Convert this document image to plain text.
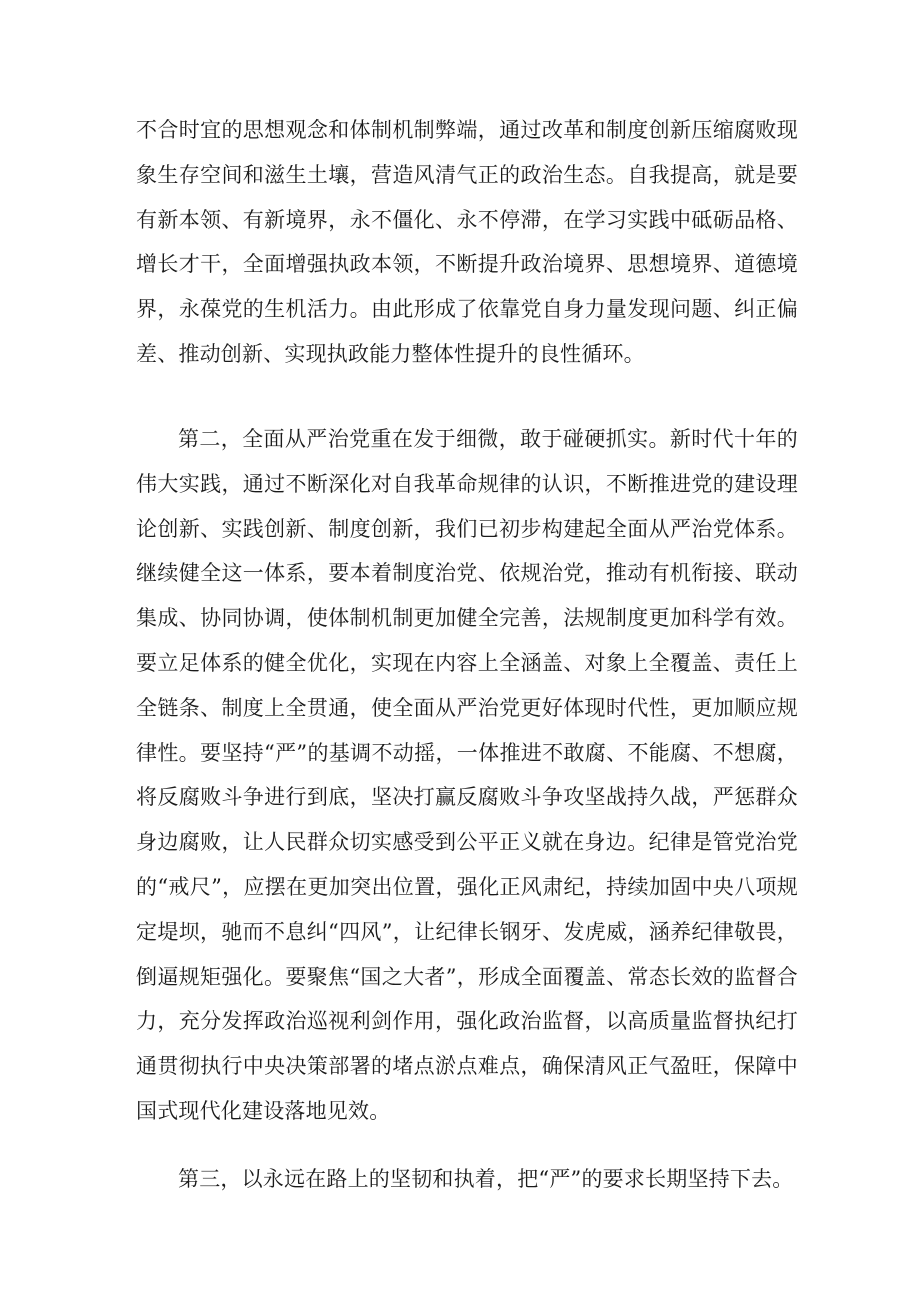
不合时宜的思想观念和体制机制弊端，通过改革和制度创新压缩腐败现象生存空间和滋生土壤，营造风清气正的政治生态。自我提高，就是要有新本领、有新境界，永不僵化、永不停滞，在学习实践中砥砺品格、增长才干，全面增强执政本领，不断提升政治境界、思想境界、道德境界，永葆党的生机活力。由此形成了依靠党自身力量发现问题、纠正偏差、推动创新、实现执政能力整体性提升的良性循环。

第二，全面从严治党重在发于细微，敢于碰硬抓实。新时代十年的伟大实践，通过不断深化对自我革命规律的认识，不断推进党的建设理论创新、实践创新、制度创新，我们已初步构建起全面从严治党体系。继续健全这一体系，要本着制度治党、依规治党，推动有机衔接、联动集成、协同协调，使体制机制更加健全完善，法规制度更加科学有效。要立足体系的健全优化，实现在内容上全涵盖、对象上全覆盖、责任上全链条、制度上全贯通，使全面从严治党更好体现时代性，更加顺应规律性。要坚持“严”的基调不动摇，一体推进不敢腐、不能腐、不想腐，将反腐败斗争进行到底，坚决打赢反腐败斗争攻坚战持久战，严惩群众身边腐败，让人民群众切实感受到公平正义就在身边。纪律是管党治党的“戒尺”，应摆在更加突出位置，强化正风肃纪，持续加固中央八项规定堤坝，驰而不息纠“四风”，让纪律长钢牙、发虎威，涵养纪律敬畏，倒逼规矩强化。要聚焦“国之大者”，形成全面覆盖、常态长效的监督合力，充分发挥政治巡视利剑作用，强化政治监督，以高质量监督执纪打通贯彻执行中央决策部署的堵点淤点难点，确保清风正气盈旺，保障中国式现代化建设落地见效。

第三，以永远在路上的坚韧和执着，把“严”的要求长期坚持下去。
